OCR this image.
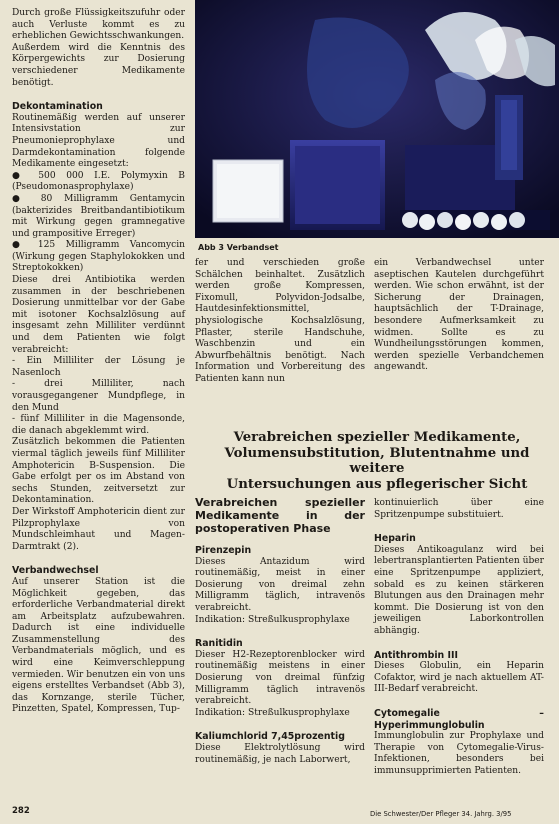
Durch große Flüssigkeitszufuhr oder auch Verluste kommt es zu erheblichen Gewichtsschwankungen.

Außerdem wird die Kenntnis des Körpergewichts zur Dosierung verschiedener Medikamente benötigt.

Dekontamination

Routinemäßig werden auf unserer Intensivstation zur Pneumonieprophylaxe und Darmdekontamination folgende Medikamente eingesetzt:

● 500 000 I.E. Polymyxin B (Pseudomonasprophylaxe)

● 80 Milligramm Gentamycin (bakterizides Breitbandantibiotikum mit Wirkung gegen gramnegative und grampositive Erreger)

● 125 Milligramm Vancomycin (Wirkung gegen Staphylokokken und Streptokokken)

Diese drei Antibiotika werden zusammen in der beschriebenen Dosierung unmittelbar vor der Gabe mit isotoner Kochsalzlösung auf insgesamt zehn Milliliter verdünnt und dem Patienten wie folgt verabreicht:

- Ein Milliliter der Lösung je Nasenloch

- drei Milliliter, nach vorausgegangener Mundpflege, in den Mund

- fünf Milliliter in die Magensonde, die danach abgeklemmt wird.

Zusätzlich bekommen die Patienten viermal täglich jeweils fünf Milliliter Amphotericin B-Suspension. Die Gabe erfolgt per os im Abstand von sechs Stunden, zeitversetzt zur Dekontamination.

Der Wirkstoff Amphotericin dient zur Pilzprophylaxe von Mundschleimhaut und Magen-Darmtrakt (2).

Verbandwechsel

Auf unserer Station ist die Möglichkeit gegeben, das erforderliche Verbandmaterial direkt am Arbeitsplatz aufzubewahren. Dadurch ist eine individuelle Zusammenstellung des Verbandmaterials möglich, und es wird eine Keimverschleppung vermieden. Wir benutzen ein von uns eigens erstelltes Verbandset (Abb 3), das Kornzange, sterile Tücher, Pinzetten, Spatel, Kompressen, Tup-

Abb 3 Verbandset

fer und verschieden große Schälchen beinhaltet. Zusätzlich werden große Kompressen, Fixomull, Polyvidon-Jodsalbe, Hautdesinfektionsmittel, physiologische Kochsalzlösung, Pflaster, sterile Handschuhe, Waschbenzin und ein Abwurfbehältnis benötigt. Nach Information und Vorbereitung des Patienten kann nun

ein Verbandwechsel unter aseptischen Kautelen durchgeführt werden. Wie schon erwähnt, ist der Sicherung der Drainagen, hauptsächlich der T-Drainage, besondere Aufmerksamkeit zu widmen. Sollte es zu Wundheilungsstörungen kommen, werden spezielle Verbandchemen angewandt.

Verabreichen spezieller Medikamente,
Volumensubstitution, Blutentnahme und weitere
Untersuchungen aus pflegerischer Sicht

Verabreichen spezieller Medikamente in der postoperativen Phase

Pirenzepin

Dieses Antazidum wird routinemäßig, meist in einer Dosierung von dreimal zehn Milligramm täglich, intravenös verabreicht.

Indikation: Streßulkusprophylaxe

Ranitidin

Dieser H2-Rezeptorenblocker wird routinemäßig meistens in einer Dosierung von dreimal fünfzig Milligramm täglich intravenös verabreicht.

Indikation: Streßulkusprophylaxe

Kaliumchlorid 7,45prozentig

Diese Elektrolytlösung wird routinemäßig, je nach Laborwert,

kontinuierlich über eine Spritzenpumpe substituiert.

Heparin

Dieses Antikoagulanz wird bei lebertransplantierten Patienten über eine Spritzenpumpe appliziert, sobald es zu keinen stärkeren Blutungen aus den Drainagen mehr kommt. Die Dosierung ist von den jeweiligen Laborkontrollen abhängig.

Antithrombin III

Dieses Globulin, ein Heparin Cofaktor, wird je nach aktuellem AT-III-Bedarf verabreicht.

Cytomegalie – Hyperimmunglobulin

Immunglobulin zur Prophylaxe und Therapie von Cytomegalie-Virus-Infektionen, besonders bei immunsupprimierten Patienten.

282	Die Schwester/Der Pfleger 34. Jahrg. 3/95
